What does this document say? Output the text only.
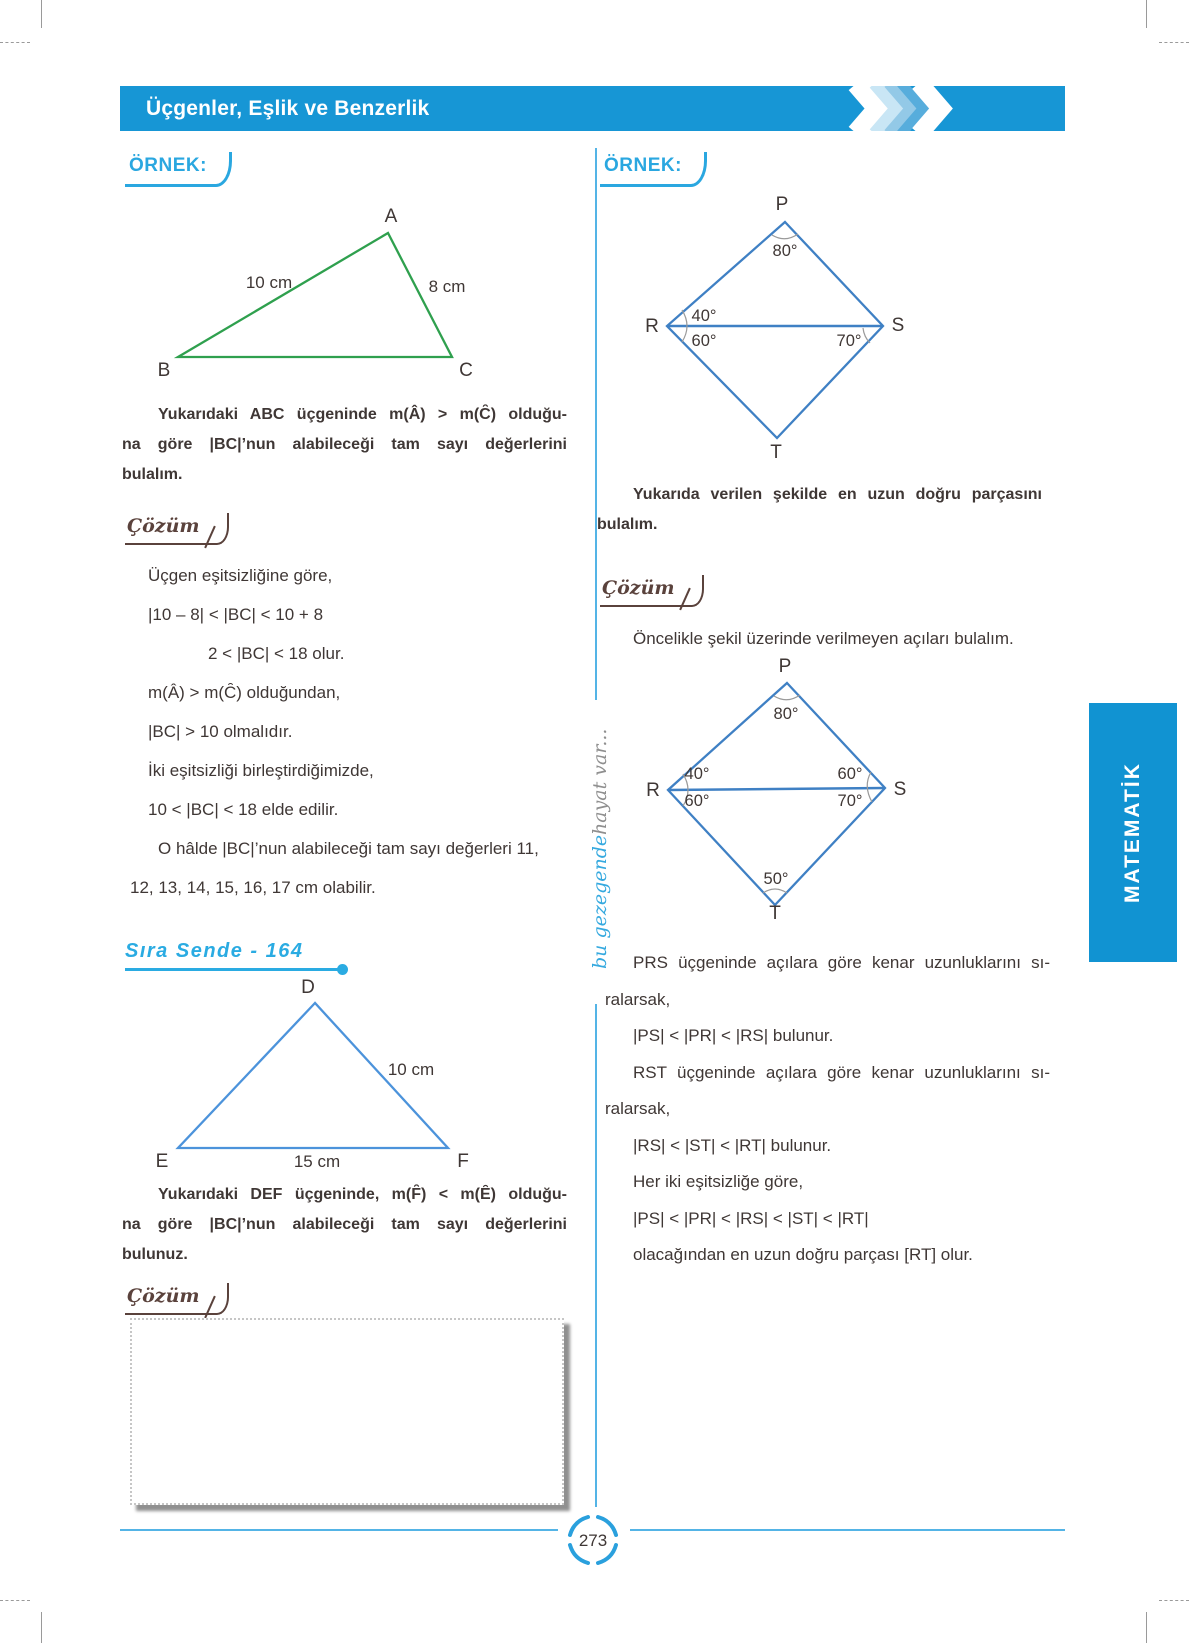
Üçgenler, Eşlik ve Benzerlik
ÖRNEK:
A
B	C
10 cm	8 cm
Yukarıdaki ABC üçgeninde m(Â) > m(C̑) olduğu-
na göre |BC|’nun alabileceği tam sayı değerlerini
bulalım.
Çözüm
Üçgen eşitsizliğine göre,
|10 – 8| < |BC| < 10 + 8
2 < |BC| < 18 olur.
m(Â) > m(C̑) olduğundan,
|BC| > 10 olmalıdır.
İki eşitsizliği birleştirdiğimizde,
10 < |BC| < 18 elde edilir.
O hâlde |BC|’nun alabileceği tam sayı değerleri 11,
12, 13, 14, 15, 16, 17 cm olabilir.
Sıra Sende - 164
D
E	F
10 cm
15 cm
Yukarıdaki DEF üçgeninde, m(F̑) < m(Ȇ) olduğu-
na göre |BC|’nun alabileceği tam sayı değerlerini
bulunuz.
Çözüm
ÖRNEK:
P
R	S
T
80°
40°
60°	70°
Yukarıda verilen şekilde en uzun doğru parçasını
bulalım.
Çözüm
Öncelikle şekil üzerinde verilmeyen açıları bulalım.
P
R	S
T
80°
40°
60°
60°
70°
50°
PRS üçgeninde açılara göre kenar uzunluklarını sı-
ralarsak,
|PS| < |PR| < |RS| bulunur.
RST üçgeninde açılara göre kenar uzunluklarını sı-
ralarsak,
|RS| < |ST| < |RT| bulunur.
Her iki eşitsizliğe göre,
|PS| < |PR| < |RS| < |ST| < |RT|
olacağından en uzun doğru parçası [RT] olur.
MATEMATİK
bu gezegende
hayat var...
273
